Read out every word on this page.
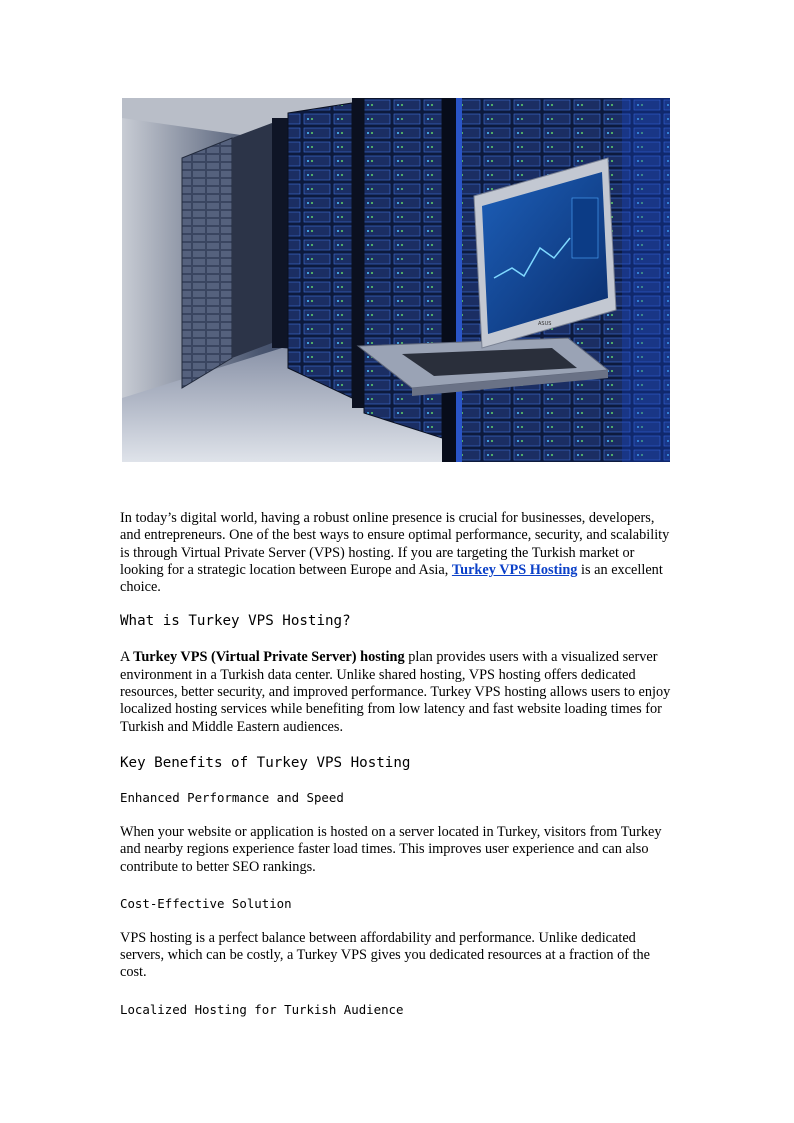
ASUS

In today’s digital world, having a robust online presence is crucial for businesses, developers, and entrepreneurs. One of the best ways to ensure optimal performance, security, and scalability is through Virtual Private Server (VPS) hosting. If you are targeting the Turkish market or looking for a strategic location between Europe and Asia, Turkey VPS Hosting is an excellent choice.

What is Turkey VPS Hosting?

A Turkey VPS (Virtual Private Server) hosting plan provides users with a visualized server environment in a Turkish data center. Unlike shared hosting, VPS hosting offers dedicated resources, better security, and improved performance. Turkey VPS hosting allows users to enjoy localized hosting services while benefiting from low latency and fast website loading times for Turkish and Middle Eastern audiences.

Key Benefits of Turkey VPS Hosting
Enhanced Performance and Speed

When your website or application is hosted on a server located in Turkey, visitors from Turkey and nearby regions experience faster load times. This improves user experience and can also contribute to better SEO rankings.

Cost-Effective Solution

VPS hosting is a perfect balance between affordability and performance. Unlike dedicated servers, which can be costly, a Turkey VPS gives you dedicated resources at a fraction of the cost.

Localized Hosting for Turkish Audience
